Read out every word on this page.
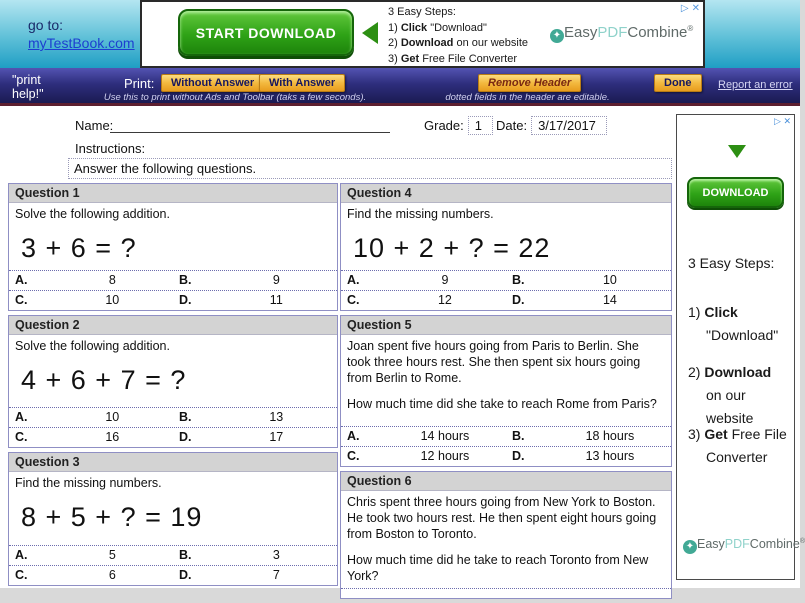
go to:
myTestBook.com
START DOWNLOAD
3 Easy Steps:
1) Click "Download"
2) Download on our website
3) Get Free File Converter
✦ EasyPDFCombine®
▷ ✕
"print
help!"
Print:	Without Answer	With Answer
Use this to print without Ads and Toolbar (taks a few seconds).
Remove Header
dotted fields in the header are editable.
Done	Report an error
Name:	Grade: 1	Date: 3/17/2017
Instructions:
Answer the following questions.
Question 1
Solve the following addition.
3 + 6 = ?
A.	8	B.	9
C.	10	D.	11
Question 2
Solve the following addition.
4 + 6 + 7 = ?
A.	10	B.	13
C.	16	D.	17
Question 3
Find the missing numbers.
8 + 5 + ? = 19
A.	5	B.	3
C.	6	D.	7
Question 4
Find the missing numbers.
10 + 2 + ? = 22
A.	9	B.	10
C.	12	D.	14
Question 5
Joan spent five hours going from Paris to Berlin. She took three hours rest. She then spent six hours going from Berlin to Rome.
How much time did she take to reach Rome from Paris?
A.	14 hours	B.	18 hours
C.	12 hours	D.	13 hours
Question 6
Chris spent three hours going from New York to Boston. He took two hours rest. He then spent eight hours going from Boston to Toronto.
How much time did he take to reach Toronto from New York?
▷ ✕
DOWNLOAD
3 Easy Steps:
1) Click
"Download"
2) Download
on our website
3) Get Free File
Converter
✦ EasyPDFCombine®
